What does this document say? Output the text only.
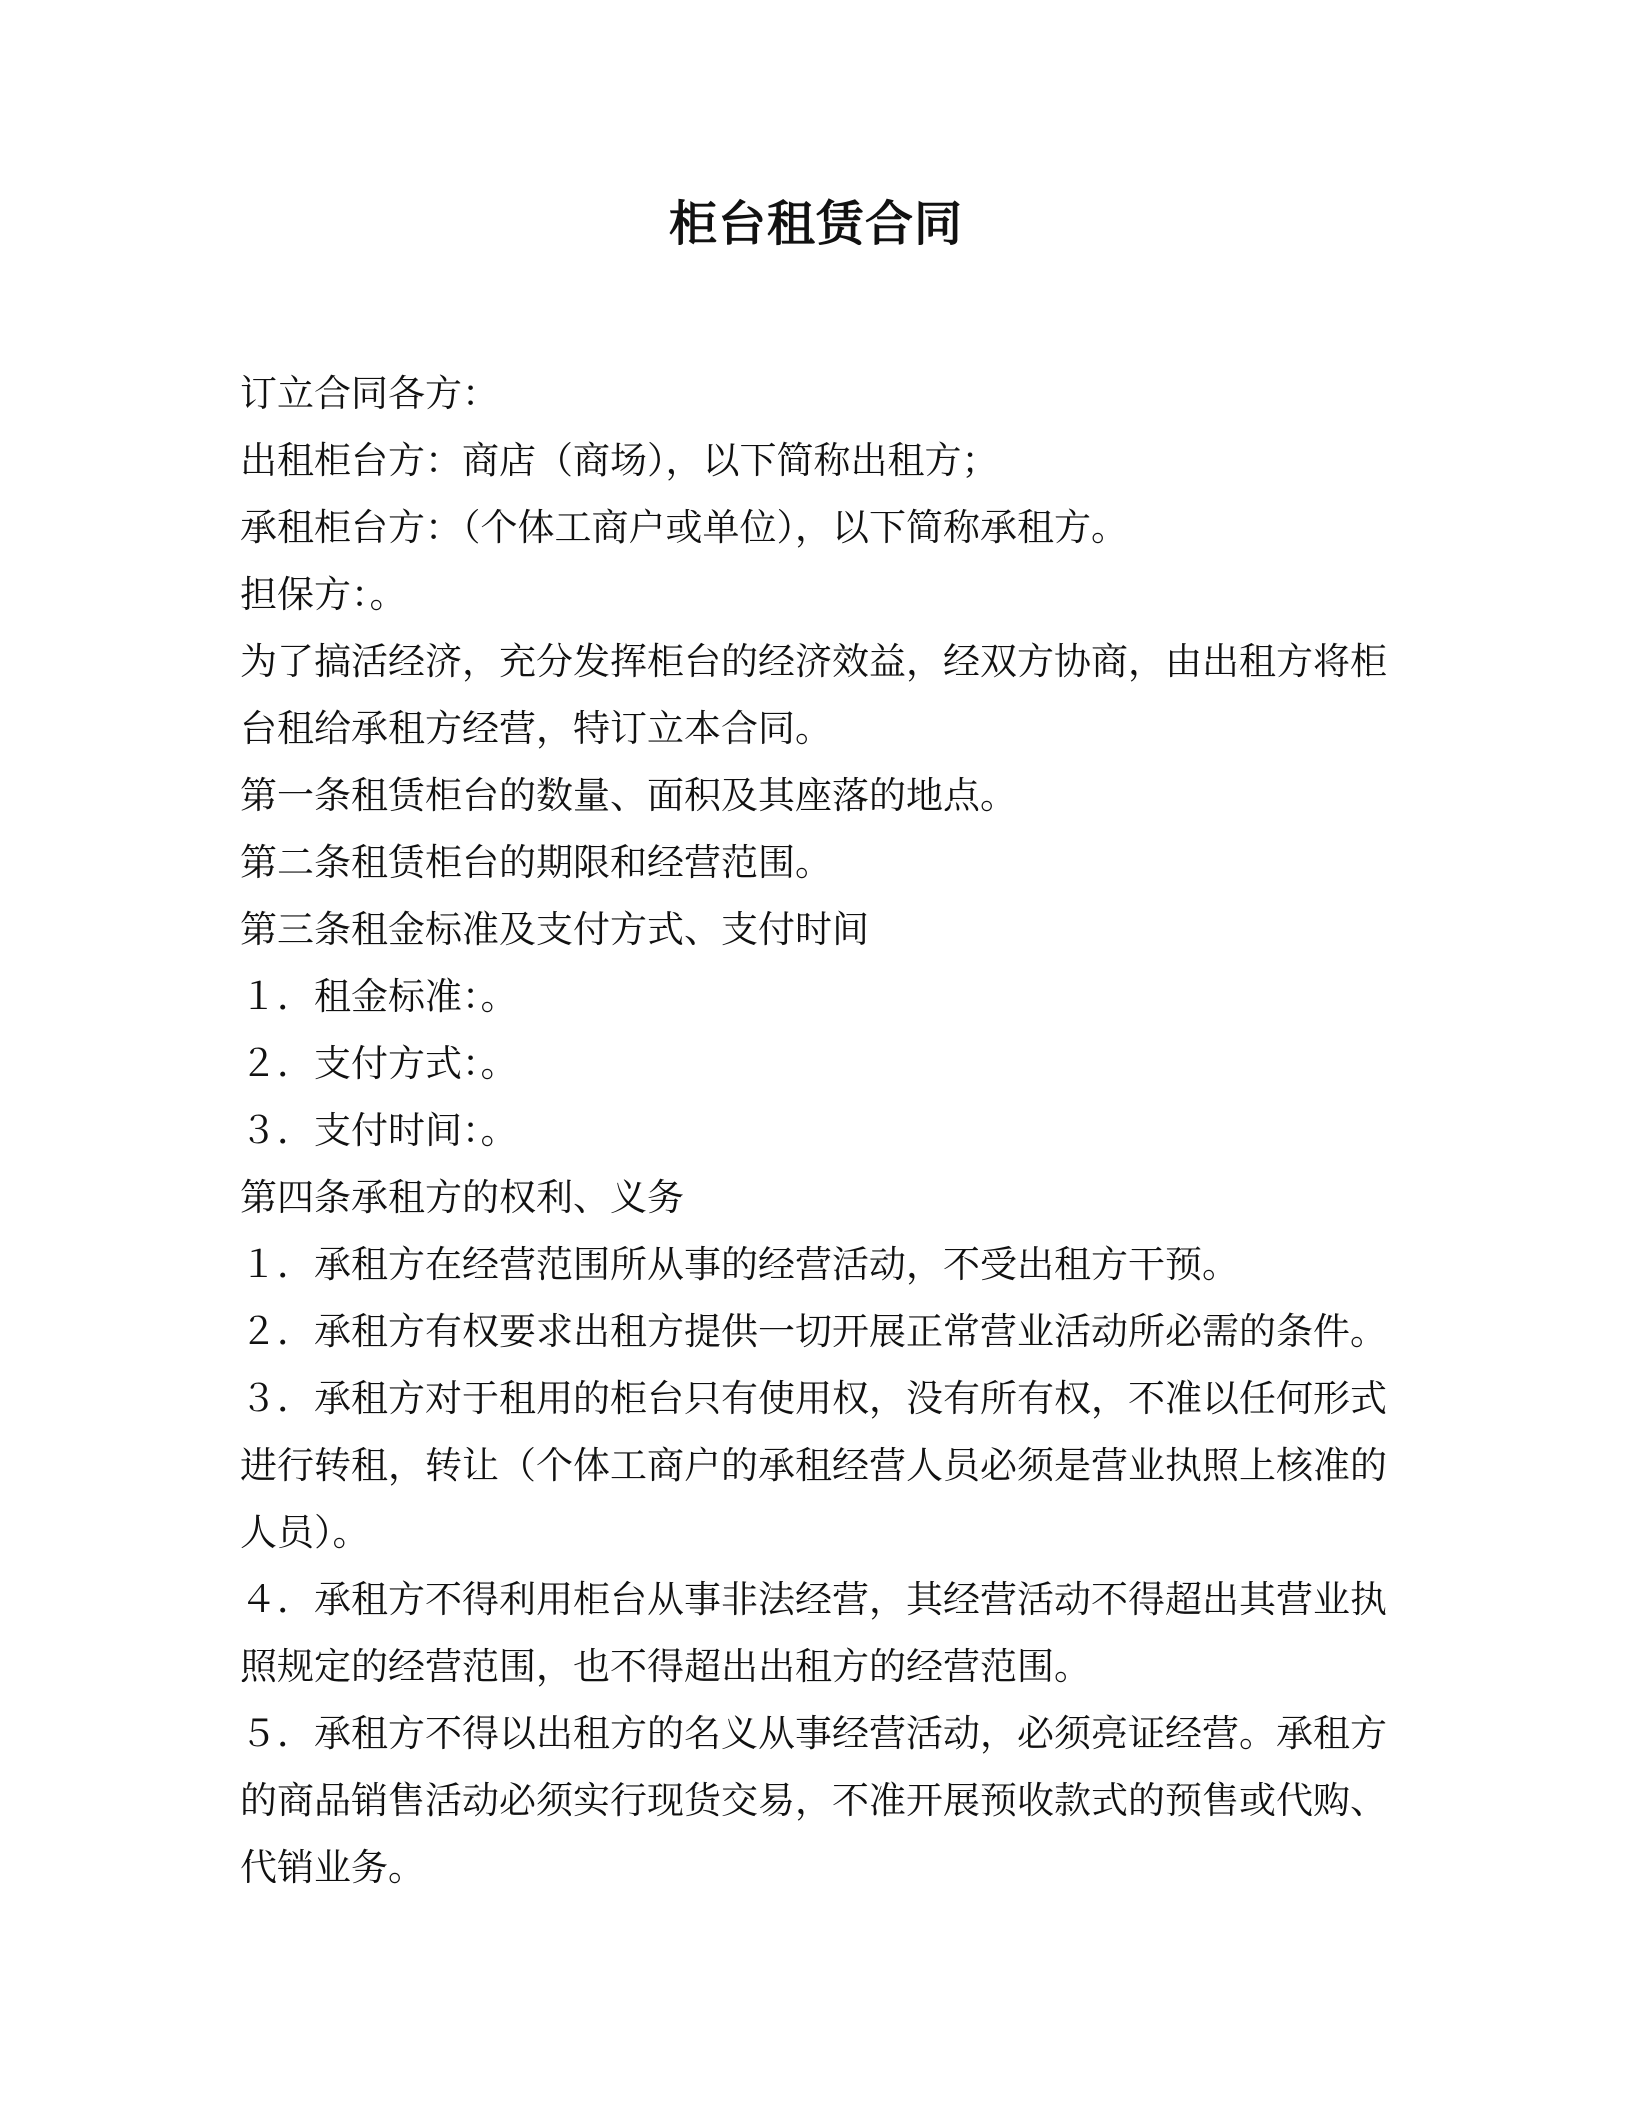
柜台租赁合同

订立合同各方：

出租柜台方：商店（商场），以下简称出租方；

承租柜台方：（个体工商户或单位），以下简称承租方。

担保方：。

为了搞活经济，充分发挥柜台的经济效益，经双方协商，由出租方将柜台租给承租方经营，特订立本合同。

第一条租赁柜台的数量、面积及其座落的地点。

第二条租赁柜台的期限和经营范围。

第三条租金标准及支付方式、支付时间

１．租金标准：。

２．支付方式：。

３．支付时间：。

第四条承租方的权利、义务

１．承租方在经营范围所从事的经营活动，不受出租方干预。

２．承租方有权要求出租方提供一切开展正常营业活动所必需的条件。

３．承租方对于租用的柜台只有使用权，没有所有权，不准以任何形式进行转租，转让（个体工商户的承租经营人员必须是营业执照上核准的人员）。

４．承租方不得利用柜台从事非法经营，其经营活动不得超出其营业执照规定的经营范围，也不得超出出租方的经营范围。

５．承租方不得以出租方的名义从事经营活动，必须亮证经营。承租方的商品销售活动必须实行现货交易，不准开展预收款式的预售或代购、代销业务。
